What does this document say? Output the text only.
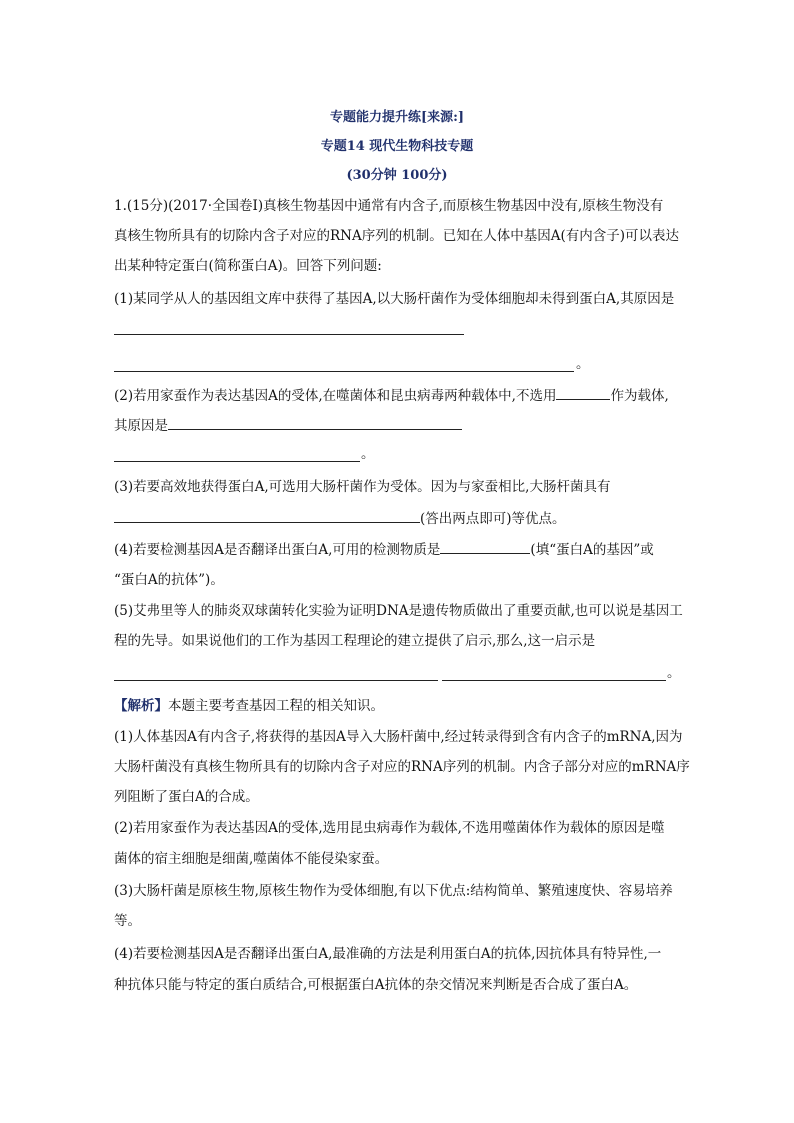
专题能力提升练[来源:]
专题14 现代生物科技专题
(30分钟 100分)
1.(15分)(2017·全国卷Ⅰ)真核生物基因中通常有内含子,而原核生物基因中没有,原核生物没有
真核生物所具有的切除内含子对应的RNA序列的机制。已知在人体中基因A(有内含子)可以表达
出某种特定蛋白(简称蛋白A)。回答下列问题:
(1)某同学从人的基因组文库中获得了基因A,以大肠杆菌作为受体细胞却未得到蛋白A,其原因是
。
(2)若用家蚕作为表达基因A的受体,在噬菌体和昆虫病毒两种载体中,不选用	作为载体,
其原因是
。
(3)若要高效地获得蛋白A,可选用大肠杆菌作为受体。因为与家蚕相比,大肠杆菌具有
(答出两点即可)等优点。
(4)若要检测基因A是否翻译出蛋白A,可用的检测物质是	(填“蛋白A的基因”或
“蛋白A的抗体”)。
(5)艾弗里等人的肺炎双球菌转化实验为证明DNA是遗传物质做出了重要贡献,也可以说是基因工
程的先导。如果说他们的工作为基因工程理论的建立提供了启示,那么,这一启示是
。
【解析】本题主要考查基因工程的相关知识。
(1)人体基因A有内含子,将获得的基因A导入大肠杆菌中,经过转录得到含有内含子的mRNA,因为
大肠杆菌没有真核生物所具有的切除内含子对应的RNA序列的机制。内含子部分对应的mRNA序
列阻断了蛋白A的合成。
(2)若用家蚕作为表达基因A的受体,选用昆虫病毒作为载体,不选用噬菌体作为载体的原因是噬
菌体的宿主细胞是细菌,噬菌体不能侵染家蚕。
(3)大肠杆菌是原核生物,原核生物作为受体细胞,有以下优点:结构简单、繁殖速度快、容易培养
等。
(4)若要检测基因A是否翻译出蛋白A,最准确的方法是利用蛋白A的抗体,因抗体具有特异性,一
种抗体只能与特定的蛋白质结合,可根据蛋白A抗体的杂交情况来判断是否合成了蛋白A。
